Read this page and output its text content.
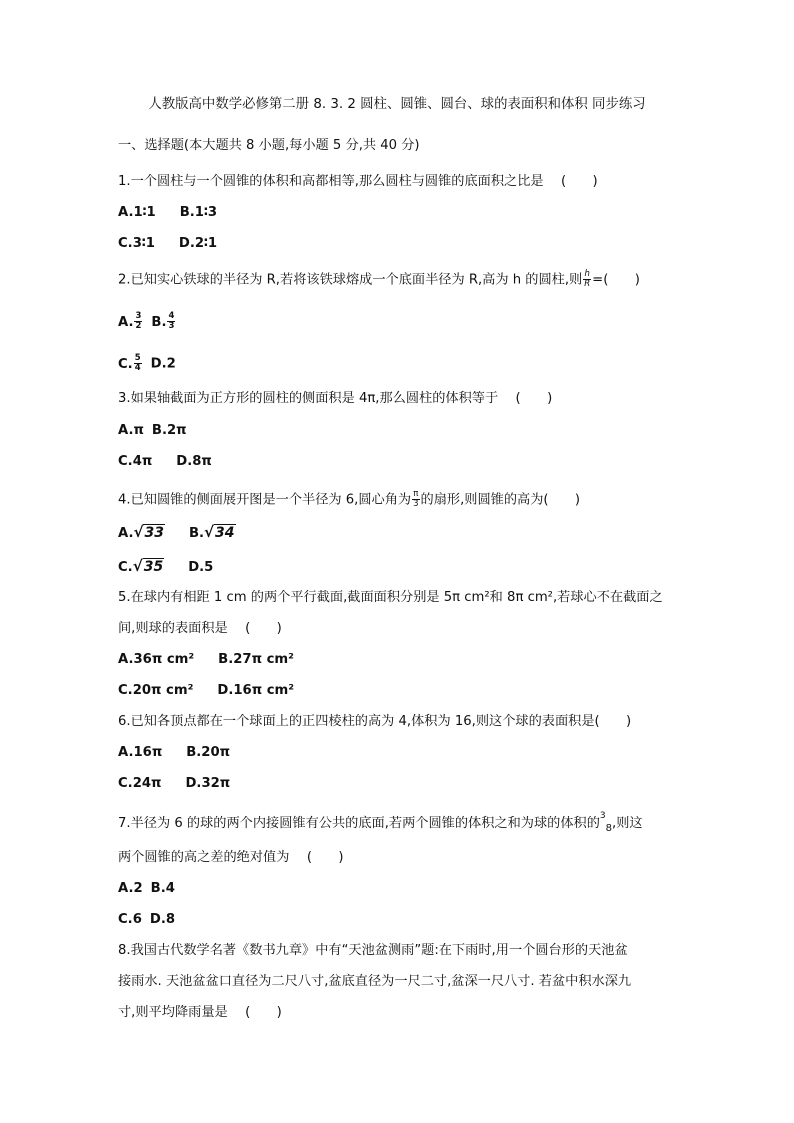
人教版高中数学必修第二册 8. 3. 2 圆柱、圆锥、圆台、球的表面积和体积 同步练习
一、选择题(本大题共 8 小题,每小题 5 分,共 40 分)
1.一个圆柱与一个圆锥的体积和高都相等,那么圆柱与圆锥的底面积之比是　 (　　)
A.1∶1 B.1∶3
C.3∶1 D.2∶1
2.已知实心铁球的半径为 R,若将该铁球熔成一个底面半径为 R,高为 h 的圆柱,则 $\frac{h}{R}$ =(　　)
A. $\frac{3}{2} B$. $\frac{4}{3}$
C. $\frac{5}{4} D.2$
3.如果轴截面为正方形的圆柱的侧面积是 4π,那么圆柱的体积等于　 (　　)
A.π B.2π
C.4π D.8π
4.已知圆锥的侧面展开图是一个半径为 6,圆心角为 $\frac{\pi}{3}$ 的扇形,则圆锥的高为(　　)
A.√33 B.√34
C.√35 D.5
5.在球内有相距 1 cm 的两个平行截面,截面面积分别是 5π cm²和 8π cm²,若球心不在截面之
间,则球的表面积是　 (　　)
A.36π cm² B.27π cm²
C.20π cm² D.16π cm²
6.已知各顶点都在一个球面上的正四棱柱的高为 4,体积为 16,则这个球的表面积是(　　)
A.16π B.20π
C.24π D.32π
7.半径为 6 的球的两个内接圆锥有公共的底面,若两个圆锥的体积之和为球的体积的$^3_8$,则这
两个圆锥的高之差的绝对值为　 (　　)
A.2 B.4
C.6 D.8
8.我国古代数学名著《数书九章》中有“天池盆测雨”题:在下雨时,用一个圆台形的天池盆
接雨水. 天池盆盆口直径为二尺八寸,盆底直径为一尺二寸,盆深一尺八寸. 若盆中积水深九
寸,则平均降雨量是　 (　　)
